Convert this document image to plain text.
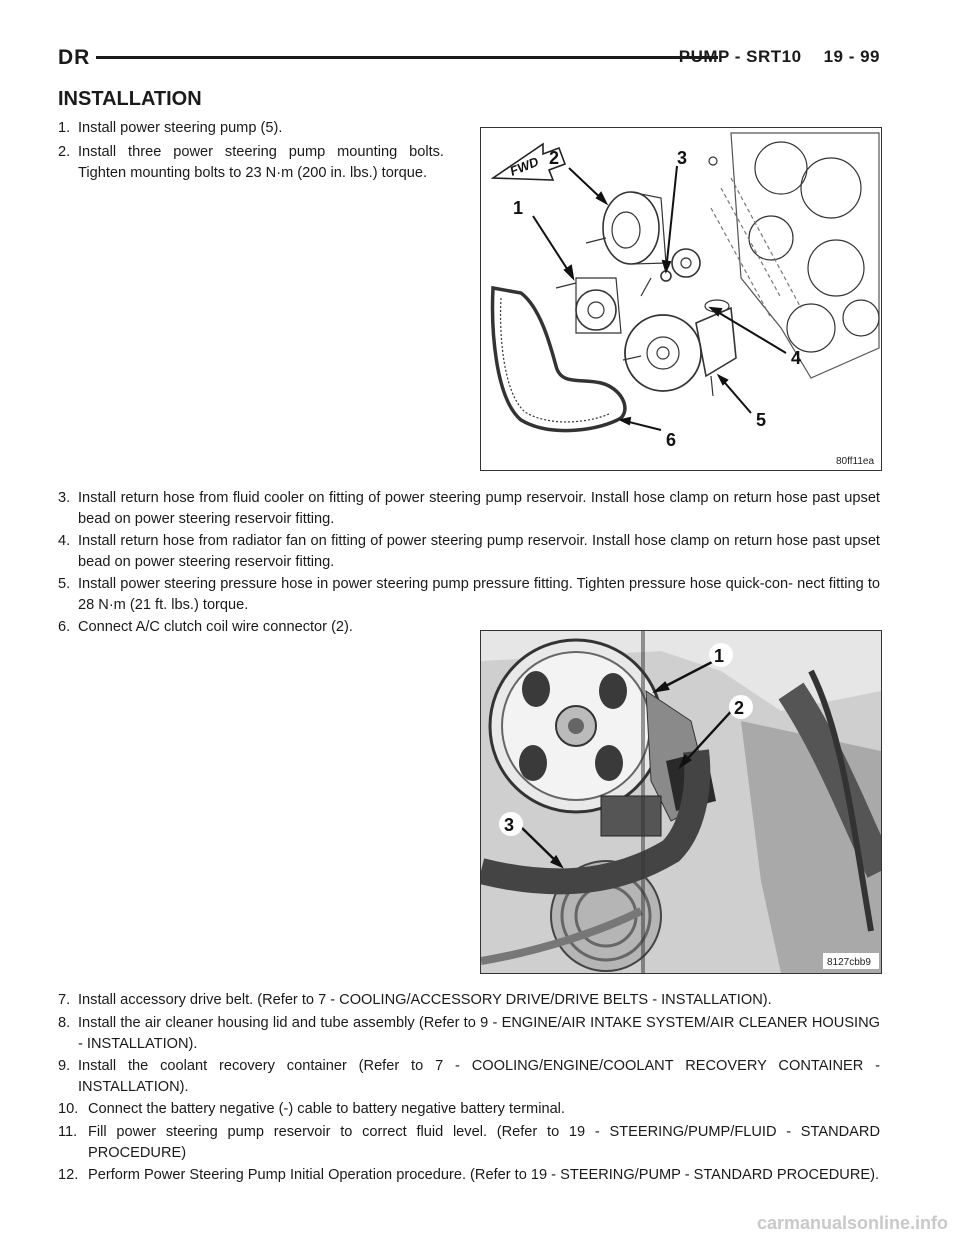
DR	PUMP - SRT10 19 - 99
INSTALLATION
1. Install power steering pump (5).
2. Install three power steering pump mounting bolts. Tighten mounting bolts to 23 N·m (200 in. lbs.) torque.	FWD
1
2	3
4
5
6
80ff11ea
3. Install return hose from fluid cooler on fitting of power steering pump reservoir. Install hose clamp on return hose past upset bead on power steering reservoir fitting.
4. Install return hose from radiator fan on fitting of power steering pump reservoir. Install hose clamp on return hose past upset bead on power steering reservoir fitting.
5. Install power steering pressure hose in power steering pump pressure fitting. Tighten pressure hose quick-con- nect fitting to 28 N·m (21 ft. lbs.) torque.
6. Connect A/C clutch coil wire connector (2).
1
2
3
8127cbb9
7. Install accessory drive belt. (Refer to 7 - COOLING/ACCESSORY DRIVE/DRIVE BELTS - INSTALLATION).
8. Install the air cleaner housing lid and tube assembly (Refer to 9 - ENGINE/AIR INTAKE SYSTEM/AIR CLEANER HOUSING - INSTALLATION).
9. Install the coolant recovery container (Refer to 7 - COOLING/ENGINE/COOLANT RECOVERY CONTAINER - INSTALLATION).
10. Connect the battery negative (-) cable to battery negative battery terminal.
11. Fill power steering pump reservoir to correct fluid level. (Refer to 19 - STEERING/PUMP/FLUID - STANDARD PROCEDURE)
12. Perform Power Steering Pump Initial Operation procedure. (Refer to 19 - STEERING/PUMP - STANDARD PROCEDURE).
carmanualsonline.info
